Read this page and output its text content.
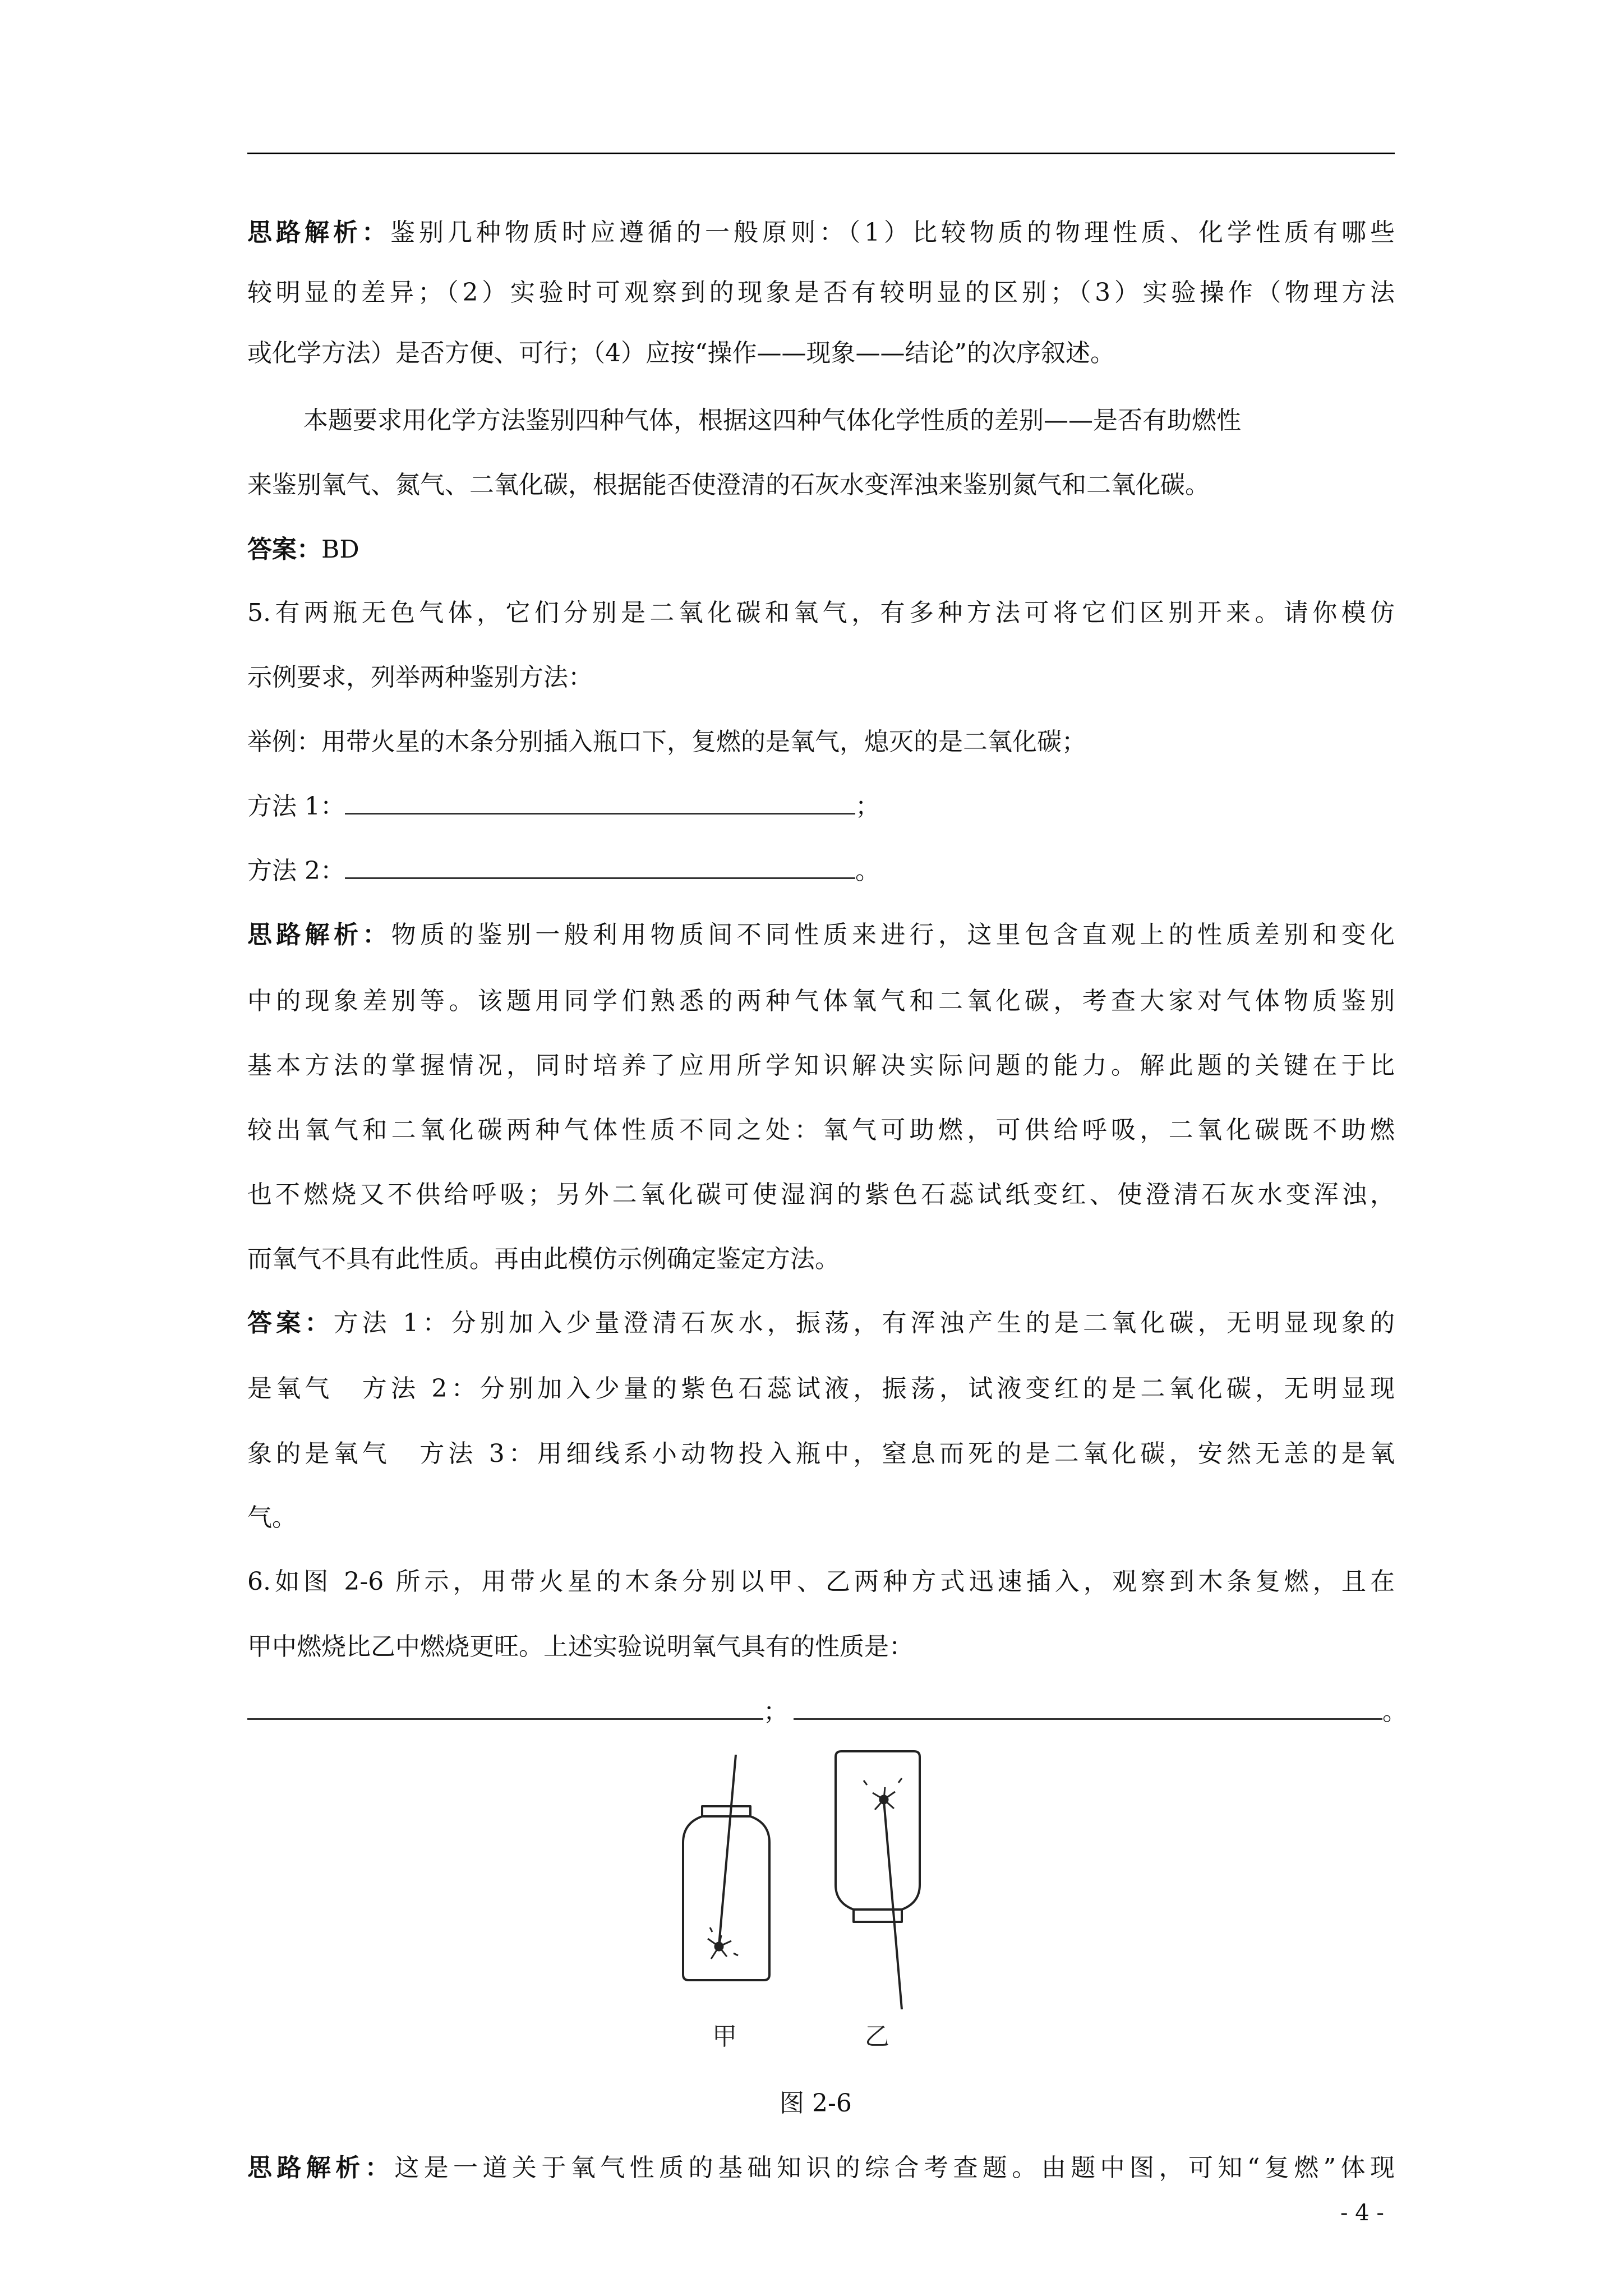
思路解析：鉴别几种物质时应遵循的一般原则：（1）比较物质的物理性质、化学性质有哪些
较明显的差异；（2）实验时可观察到的现象是否有较明显的区别；（3）实验操作（物理方法
或化学方法）是否方便、可行；（4）应按“操作——现象——结论”的次序叙述。
本题要求用化学方法鉴别四种气体，根据这四种气体化学性质的差别——是否有助燃性
来鉴别氧气、氮气、二氧化碳，根据能否使澄清的石灰水变浑浊来鉴别氮气和二氧化碳。
答案：BD
5.有两瓶无色气体，它们分别是二氧化碳和氧气，有多种方法可将它们区别开来。请你模仿
示例要求，列举两种鉴别方法：
举例：用带火星的木条分别插入瓶口下，复燃的是氧气，熄灭的是二氧化碳；
方法 1：	；
方法 2：	。
思路解析：物质的鉴别一般利用物质间不同性质来进行，这里包含直观上的性质差别和变化
中的现象差别等。该题用同学们熟悉的两种气体氧气和二氧化碳，考查大家对气体物质鉴别
基本方法的掌握情况，同时培养了应用所学知识解决实际问题的能力。解此题的关键在于比
较出氧气和二氧化碳两种气体性质不同之处：氧气可助燃，可供给呼吸，二氧化碳既不助燃
也不燃烧又不供给呼吸；另外二氧化碳可使湿润的紫色石蕊试纸变红、使澄清石灰水变浑浊，
而氧气不具有此性质。再由此模仿示例确定鉴定方法。
答案：方法 1：分别加入少量澄清石灰水，振荡，有浑浊产生的是二氧化碳，无明显现象的
是氧气　方法 2：分别加入少量的紫色石蕊试液，振荡，试液变红的是二氧化碳，无明显现
象的是氧气　方法 3：用细线系小动物投入瓶中，窒息而死的是二氧化碳，安然无恙的是氧
气。
6.如图 2-6 所示，用带火星的木条分别以甲、乙两种方式迅速插入，观察到木条复燃，且在
甲中燃烧比乙中燃烧更旺。上述实验说明氧气具有的性质是：
；	。
甲	乙
图 2-6
思路解析：这是一道关于氧气性质的基础知识的综合考查题。由题中图，可知“复燃”体现
- 4 -
